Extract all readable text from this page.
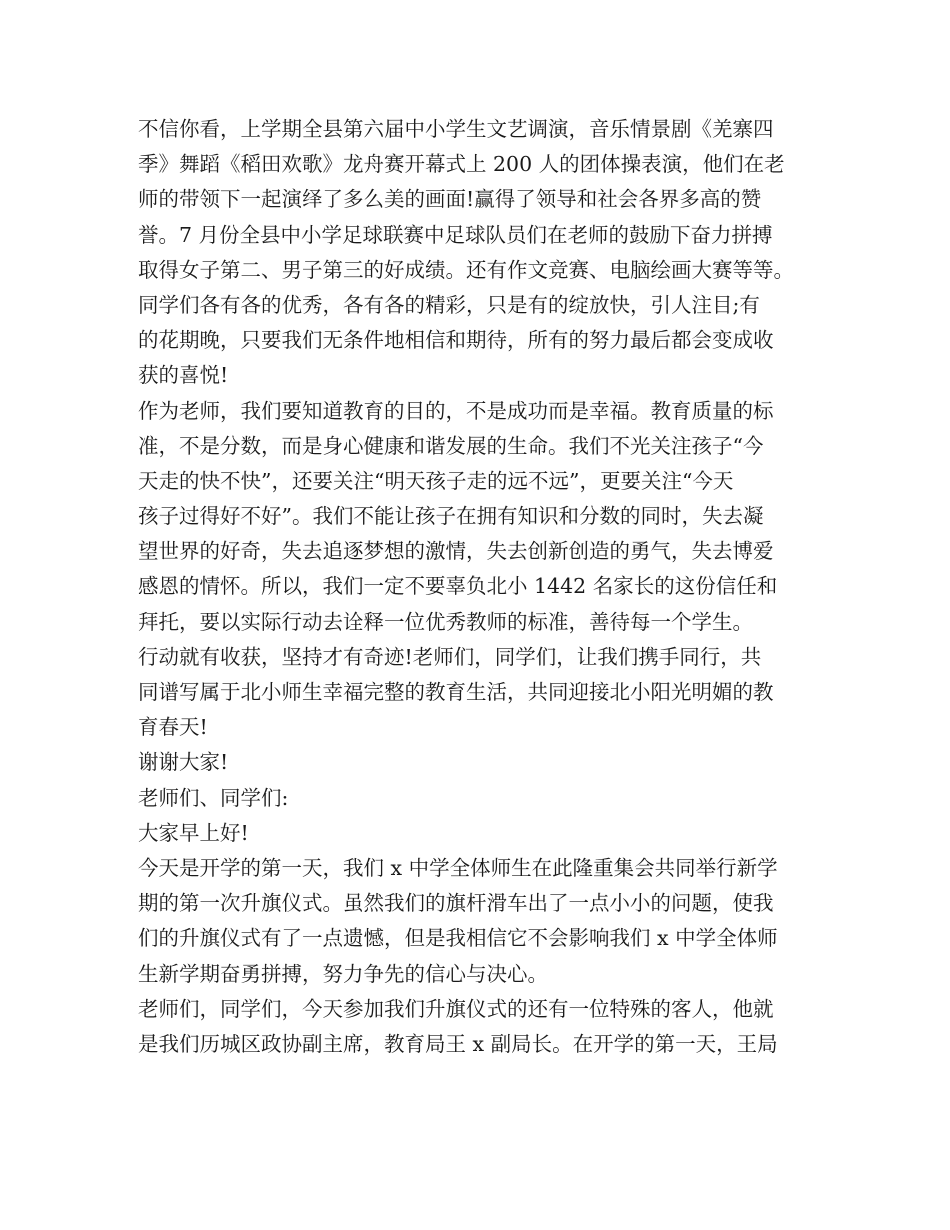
不信你看，上学期全县第六届中小学生文艺调演，音乐情景剧《羌寨四
季》舞蹈《稻田欢歌》龙舟赛开幕式上 200 人的团体操表演，他们在老
师的带领下一起演绎了多么美的画面!赢得了领导和社会各界多高的赞
誉。7 月份全县中小学足球联赛中足球队员们在老师的鼓励下奋力拼搏
取得女子第二、男子第三的好成绩。还有作文竞赛、电脑绘画大赛等等。
同学们各有各的优秀，各有各的精彩，只是有的绽放快，引人注目;有
的花期晚，只要我们无条件地相信和期待，所有的努力最后都会变成收
获的喜悦!
作为老师，我们要知道教育的目的，不是成功而是幸福。教育质量的标
准，不是分数，而是身心健康和谐发展的生命。我们不光关注孩子“今
天走的快不快”，还要关注“明天孩子走的远不远”，更要关注“今天
孩子过得好不好”。我们不能让孩子在拥有知识和分数的同时，失去凝
望世界的好奇，失去追逐梦想的激情，失去创新创造的勇气，失去博爱
感恩的情怀。所以，我们一定不要辜负北小 1442 名家长的这份信任和
拜托，要以实际行动去诠释一位优秀教师的标准，善待每一个学生。
行动就有收获，坚持才有奇迹!老师们，同学们，让我们携手同行，共
同谱写属于北小师生幸福完整的教育生活，共同迎接北小阳光明媚的教
育春天!
谢谢大家!
老师们、同学们:
大家早上好!
今天是开学的第一天，我们 x 中学全体师生在此隆重集会共同举行新学
期的第一次升旗仪式。虽然我们的旗杆滑车出了一点小小的问题，使我
们的升旗仪式有了一点遗憾，但是我相信它不会影响我们 x 中学全体师
生新学期奋勇拼搏，努力争先的信心与决心。
老师们，同学们，今天参加我们升旗仪式的还有一位特殊的客人，他就
是我们历城区政协副主席，教育局王 x 副局长。在开学的第一天，王局
